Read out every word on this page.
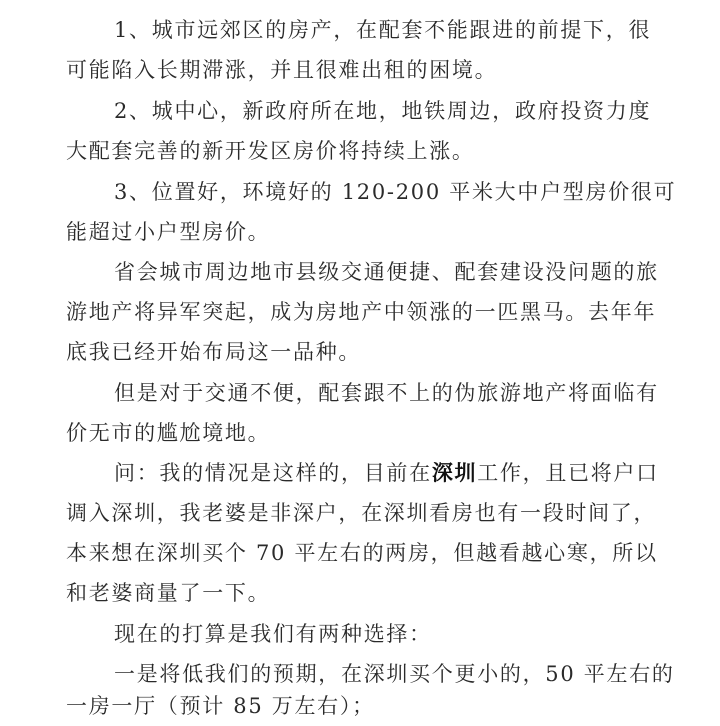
1、城市远郊区的房产，在配套不能跟进的前提下，很
可能陷入长期滞涨，并且很难出租的困境。
2、城中心，新政府所在地，地铁周边，政府投资力度
大配套完善的新开发区房价将持续上涨。
3、位置好，环境好的 120-200 平米大中户型房价很可
能超过小户型房价。
省会城市周边地市县级交通便捷、配套建设没问题的旅
游地产将异军突起，成为房地产中领涨的一匹黑马。去年年
底我已经开始布局这一品种。
但是对于交通不便，配套跟不上的伪旅游地产将面临有
价无市的尴尬境地。
问：我的情况是这样的，目前在深圳工作，且已将户口
调入深圳，我老婆是非深户，在深圳看房也有一段时间了，
本来想在深圳买个 70 平左右的两房，但越看越心寒，所以
和老婆商量了一下。
现在的打算是我们有两种选择：
一是将低我们的预期，在深圳买个更小的，50 平左右的
一房一厅（预计 85 万左右）；
